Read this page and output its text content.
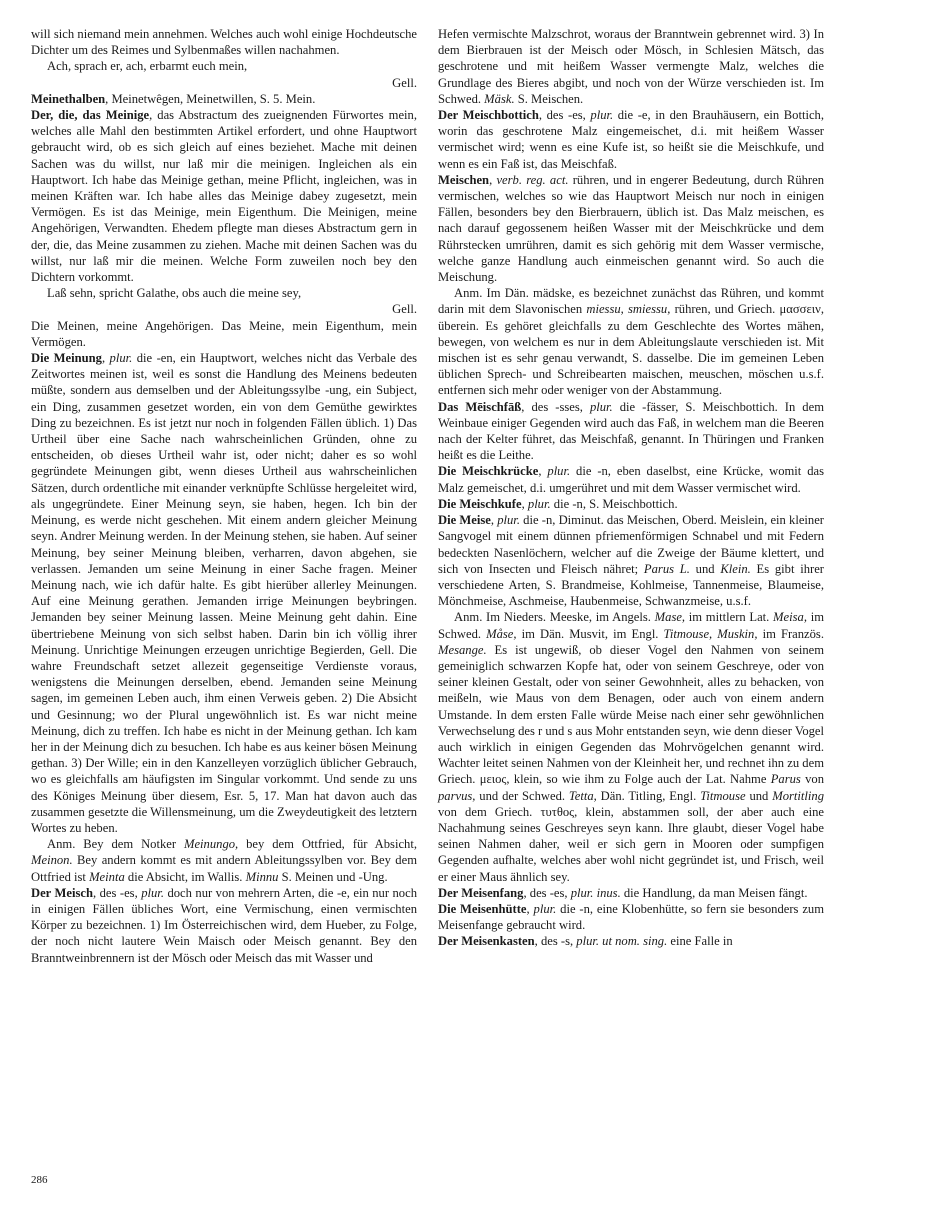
will sich niemand mein annehmen. Welches auch wohl einige Hochdeutsche Dichter um des Reimes und Sylbenmaßes willen nachahmen.

Ach, sprach er, ach, erbarmt euch mein,

Gell.

Meinethalben, Meinetwêgen, Meinetwillen, S. 5. Mein.

Der, die, das Meinige, das Abstractum des zueignenden Fürwortes mein, welches alle Mahl den bestimmten Artikel erfordert, und ohne Hauptwort gebraucht wird, ob es sich gleich auf eines beziehet. Mache mit deinen Sachen was du willst, nur laß mir die meinigen. Ingleichen als ein Hauptwort. Ich habe das Meinige gethan, meine Pflicht, ingleichen, was in meinen Kräften war. Ich habe alles das Meinige dabey zugesetzt, mein Vermögen. Es ist das Meinige, mein Eigenthum. Die Meinigen, meine Angehörigen, Verwandten. Ehedem pflegte man dieses Abstractum gern in der, die, das Meine zusammen zu ziehen. Mache mit deinen Sachen was du willst, nur laß mir die meinen. Welche Form zuweilen noch bey den Dichtern vorkommt.

Laß sehn, spricht Galathe, obs auch die meine sey,

Gell.

Die Meinen, meine Angehörigen. Das Meine, mein Eigenthum, mein Vermögen.

Die Meinung, plur. die -en, ein Hauptwort, welches nicht das Verbale des Zeitwortes meinen ist, weil es sonst die Handlung des Meinens bedeuten müßte, sondern aus demselben und der Ableitungssylbe -ung, ein Subject, ein Ding, zusammen gesetzet worden, ein von dem Gemüthe gewirktes Ding zu bezeichnen. Es ist jetzt nur noch in folgenden Fällen üblich. 1) Das Urtheil über eine Sache nach wahrscheinlichen Gründen, ohne zu entscheiden, ob dieses Urtheil wahr ist, oder nicht; daher es so wohl gegründete Meinungen gibt, wenn dieses Urtheil aus wahrscheinlichen Sätzen, durch ordentliche mit einander verknüpfte Schlüsse hergeleitet wird, als ungegründete. Einer Meinung seyn, sie haben, hegen. Ich bin der Meinung, es werde nicht geschehen. Mit einem andern gleicher Meinung seyn. Andrer Meinung werden. In der Meinung stehen, sie haben. Auf seiner Meinung, bey seiner Meinung bleiben, verharren, davon abgehen, sie verlassen. Jemanden um seine Meinung in einer Sache fragen. Meiner Meinung nach, wie ich dafür halte. Es gibt hierüber allerley Meinungen. Auf eine Meinung gerathen. Jemanden irrige Meinungen beybringen. Jemanden bey seiner Meinung lassen. Meine Meinung geht dahin. Eine übertriebene Meinung von sich selbst haben. Darin bin ich völlig ihrer Meinung. Unrichtige Meinungen erzeugen unrichtige Begierden, Gell. Die wahre Freundschaft setzet allezeit gegenseitige Verdienste voraus, wenigstens die Meinungen derselben, ebend. Jemanden seine Meinung sagen, im gemeinen Leben auch, ihm einen Verweis geben. 2) Die Absicht und Gesinnung; wo der Plural ungewöhnlich ist. Es war nicht meine Meinung, dich zu treffen. Ich habe es nicht in der Meinung gethan. Ich kam her in der Meinung dich zu besuchen. Ich habe es aus keiner bösen Meinung gethan. 3) Der Wille; ein in den Kanzelleyen vorzüglich üblicher Gebrauch, wo es gleichfalls am häufigsten im Singular vorkommt. Und sende zu uns des Königes Meinung über diesem, Esr. 5, 17. Man hat davon auch das zusammen gesetzte die Willensmeinung, um die Zweydeutigkeit des letztern Wortes zu heben.

Anm. Bey dem Notker Meinungo, bey dem Ottfried, für Absicht, Meinon. Bey andern kommt es mit andern Ableitungssylben vor. Bey dem Ottfried ist Meinta die Absicht, im Wallis. Minnu S. Meinen und -Ung.

Der Meisch, des -es, plur. doch nur von mehrern Arten, die -e, ein nur noch in einigen Fällen übliches Wort, eine Vermischung, einen vermischten Körper zu bezeichnen. 1) Im Österreichischen wird, dem Hueber, zu Folge, der noch nicht lautere Wein Maisch oder Meisch genannt. Bey den Branntweinbrennern ist der Mösch oder Meisch das mit Wasser und

Hefen vermischte Malzschrot, woraus der Branntwein gebrennet wird. 3) In dem Bierbrauen ist der Meisch oder Mösch, in Schlesien Mätsch, das geschrotene und mit heißem Wasser vermengte Malz, welches die Grundlage des Bieres abgibt, und noch von der Würze verschieden ist. Im Schwed. Mäsk. S. Meischen.

Der Meischbottich, des -es, plur. die -e, in den Brauhäusern, ein Bottich, worin das geschrotene Malz eingemeischet, d.i. mit heißem Wasser vermischet wird; wenn es eine Kufe ist, so heißt sie die Meischkufe, und wenn es ein Faß ist, das Meischfaß.

Meischen, verb. reg. act. rühren, und in engerer Bedeutung, durch Rühren vermischen, welches so wie das Hauptwort Meisch nur noch in einigen Fällen, besonders bey den Bierbrauern, üblich ist. Das Malz meischen, es nach darauf gegossenem heißen Wasser mit der Meischkrücke und dem Rührstecken umrühren, damit es sich gehörig mit dem Wasser vermische, welche ganze Handlung auch einmeischen genannt wird. So auch die Meischung.

Anm. Im Dän. mädske, es bezeichnet zunächst das Rühren, und kommt darin mit dem Slavonischen miessu, smiessu, rühren, und Griech. μασσειν, überein. Es gehöret gleichfalls zu dem Geschlechte des Wortes mähen, bewegen, von welchem es nur in dem Ableitungslaute verschieden ist. Mit mischen ist es sehr genau verwandt, S. dasselbe. Die im gemeinen Leben üblichen Sprech- und Schreibearten maischen, meuschen, möschen u.s.f. entfernen sich mehr oder weniger von der Abstammung.

Das Mēischfāß, des -sses, plur. die -fässer, S. Meischbottich. In dem Weinbaue einiger Gegenden wird auch das Faß, in welchem man die Beeren nach der Kelter führet, das Meischfaß, genannt. In Thüringen und Franken heißt es die Leithe.

Die Meischkrücke, plur. die -n, eben daselbst, eine Krücke, womit das Malz gemeischet, d.i. umgerühret und mit dem Wasser vermischet wird.

Die Meischkufe, plur. die -n, S. Meischbottich.

Die Meise, plur. die -n, Diminut. das Meischen, Oberd. Meislein, ein kleiner Sangvogel mit einem dünnen pfriemenförmigen Schnabel und mit Federn bedeckten Nasenlöchern, welcher auf die Zweige der Bäume klettert, und sich von Insecten und Fleisch nähret; Parus L. und Klein. Es gibt ihrer verschiedene Arten, S. Brandmeise, Kohlmeise, Tannenmeise, Blaumeise, Mönchmeise, Aschmeise, Haubenmeise, Schwanzmeise, u.s.f.

Anm. Im Nieders. Meeske, im Angels. Mase, im mittlern Lat. Meisa, im Schwed. Måse, im Dän. Musvit, im Engl. Titmouse, Muskin, im Französ. Mesange. Es ist ungewiß, ob dieser Vogel den Nahmen von seinem gemeiniglich schwarzen Kopfe hat, oder von seinem Geschreye, oder von seiner kleinen Gestalt, oder von seiner Gewohnheit, alles zu behacken, von meißeln, wie Maus von dem Benagen, oder auch von einem andern Umstande. In dem ersten Falle würde Meise nach einer sehr gewöhnlichen Verwechselung des r und s aus Mohr entstanden seyn, wie denn dieser Vogel auch wirklich in einigen Gegenden das Mohrvögelchen genannt wird. Wachter leitet seinen Nahmen von der Kleinheit her, und rechnet ihn zu dem Griech. μειος, klein, so wie ihm zu Folge auch der Lat. Nahme Parus von parvus, und der Schwed. Tetta, Dän. Titling, Engl. Titmouse und Mortitling von dem Griech. τυτθος, klein, abstammen soll, der aber auch eine Nachahmung seines Geschreyes seyn kann. Ihre glaubt, dieser Vogel habe seinen Nahmen daher, weil er sich gern in Mooren oder sumpfigen Gegenden aufhalte, welches aber wohl nicht gegründet ist, und Frisch, weil er einer Maus ähnlich sey.

Der Meisenfang, des -es, plur. inus. die Handlung, da man Meisen fängt.

Die Meisenhütte, plur. die -n, eine Klobenhütte, so fern sie besonders zum Meisenfange gebraucht wird.

Der Meisenkasten, des -s, plur. ut nom. sing. eine Falle in

286
